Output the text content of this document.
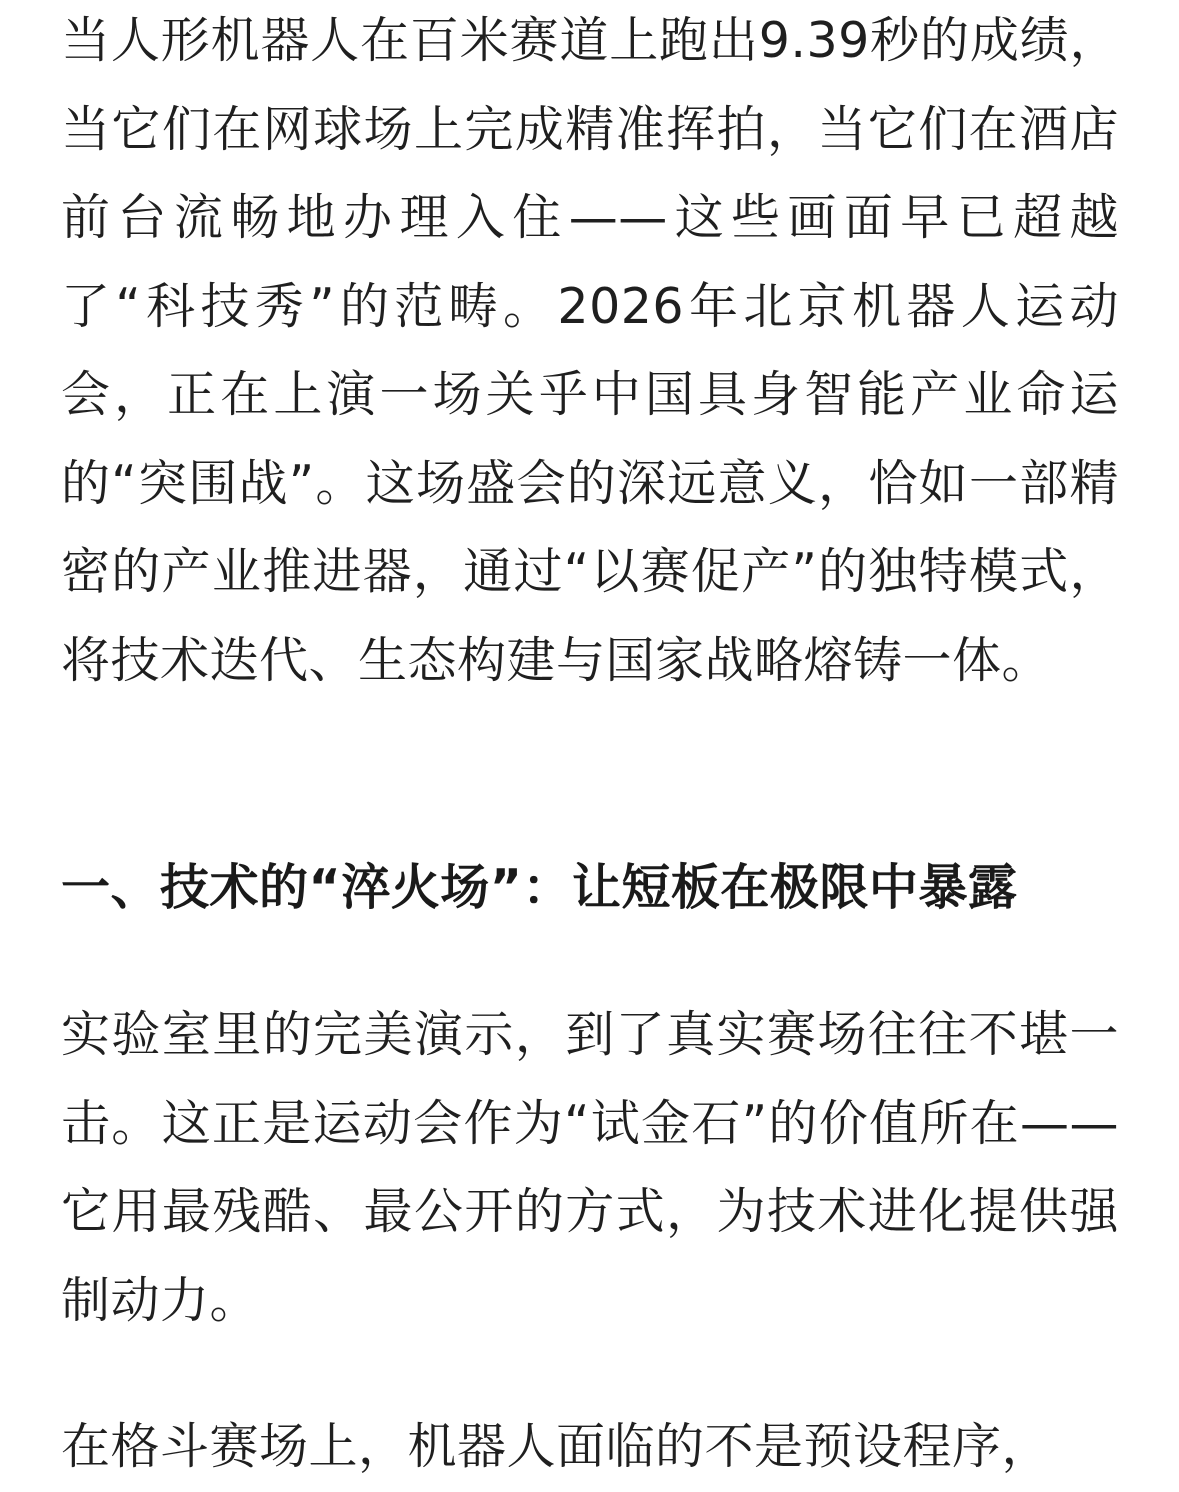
当人形机器人在百米赛道上跑出9.39秒的成绩，当它们在网球场上完成精准挥拍，当它们在酒店前台流畅地办理入住——这些画面早已超越了“科技秀”的范畴。2026年北京机器人运动会，正在上演一场关乎中国具身智能产业命运的“突围战”。这场盛会的深远意义，恰如一部精密的产业推进器，通过“以赛促产”的独特模式，将技术迭代、生态构建与国家战略熔铸一体。

一、技术的“淬火场”：让短板在极限中暴露

实验室里的完美演示，到了真实赛场往往不堪一击。这正是运动会作为“试金石”的价值所在——它用最残酷、最公开的方式，为技术进化提供强制动力。

在格斗赛场上，机器人面临的不是预设程序，
